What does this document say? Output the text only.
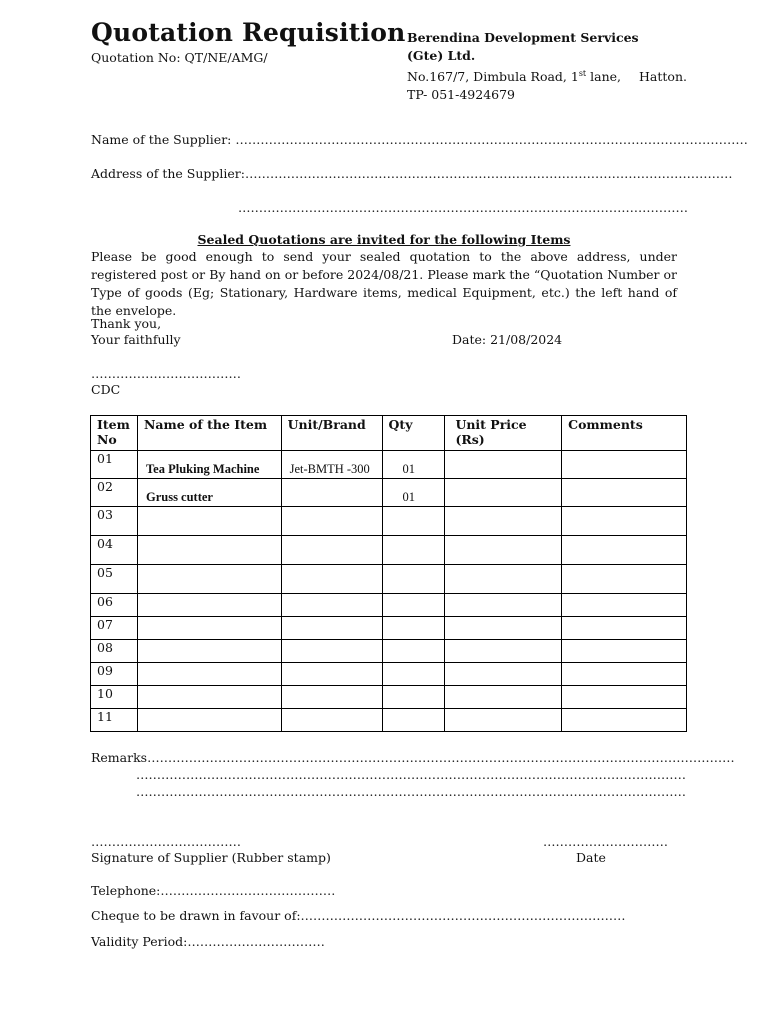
Quotation Requisition
Quotation No: QT/NE/AMG/
Berendina Development Services
(Gte) Ltd.
No.167/7, Dimbula Road, 1st lane, Hatton.
TP- 051-4924679
Name of the Supplier: ……………………………………………………………………………………………………………
Address of the Supplier:………………………………………………………………………………………………………
………………………………………………………………………………………………
Sealed Quotations are invited for the following Items
Please be good enough to send your sealed quotation to the above address, under registered post or By hand on or before 2024/08/21. Please mark the “Quotation Number or Type of goods (Eg; Stationary, Hardware items, medical Equipment, etc.) the left hand of the envelope.
Thank you,
Your faithfully	Date: 21/08/2024
………………………………
CDC
Item
No	Name of the Item	Unit/Brand	Qty	Unit Price (Rs)	Comments

01	Tea Pluking Machine	Jet-BMTH -300	01		

02	Gruss cutter		01		

03					

04					

05					

06					

07					

08					

09					

10					

11					

Remarks……………………………………………………………………………………………………………………………
……………………………………………………………………………………………………………………
……………………………………………………………………………………………………………………
………………………………
Signature of Supplier (Rubber stamp)
…………………………
Date
Telephone:……………………………………
Cheque to be drawn in favour of:……………………………………………………………………
Validity Period:……………………………
